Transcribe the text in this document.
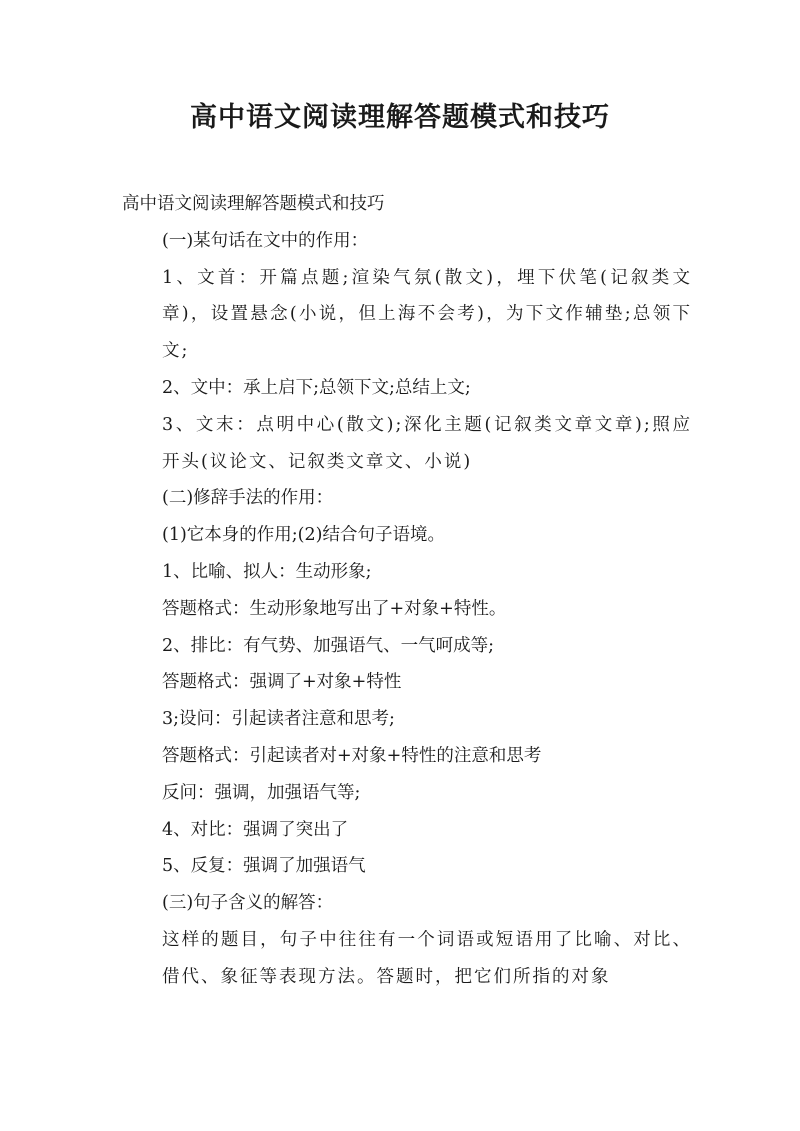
高中语文阅读理解答题模式和技巧

高中语文阅读理解答题模式和技巧

(一)某句话在文中的作用：

1、文首：开篇点题;渲染气氛(散文)，埋下伏笔(记叙类文章)，设置悬念(小说，但上海不会考)，为下文作辅垫;总领下文;

2、文中：承上启下;总领下文;总结上文;

3、文末：点明中心(散文);深化主题(记叙类文章文章);照应开头(议论文、记叙类文章文、小说)

(二)修辞手法的作用：

(1)它本身的作用;(2)结合句子语境。

1、比喻、拟人：生动形象;

答题格式：生动形象地写出了+对象+特性。

2、排比：有气势、加强语气、一气呵成等;

答题格式：强调了+对象+特性

3;设问：引起读者注意和思考;

答题格式：引起读者对+对象+特性的注意和思考

反问：强调，加强语气等;

4、对比：强调了突出了

5、反复：强调了加强语气

(三)句子含义的解答：

这样的题目，句子中往往有一个词语或短语用了比喻、对比、借代、象征等表现方法。答题时，把它们所指的对象
